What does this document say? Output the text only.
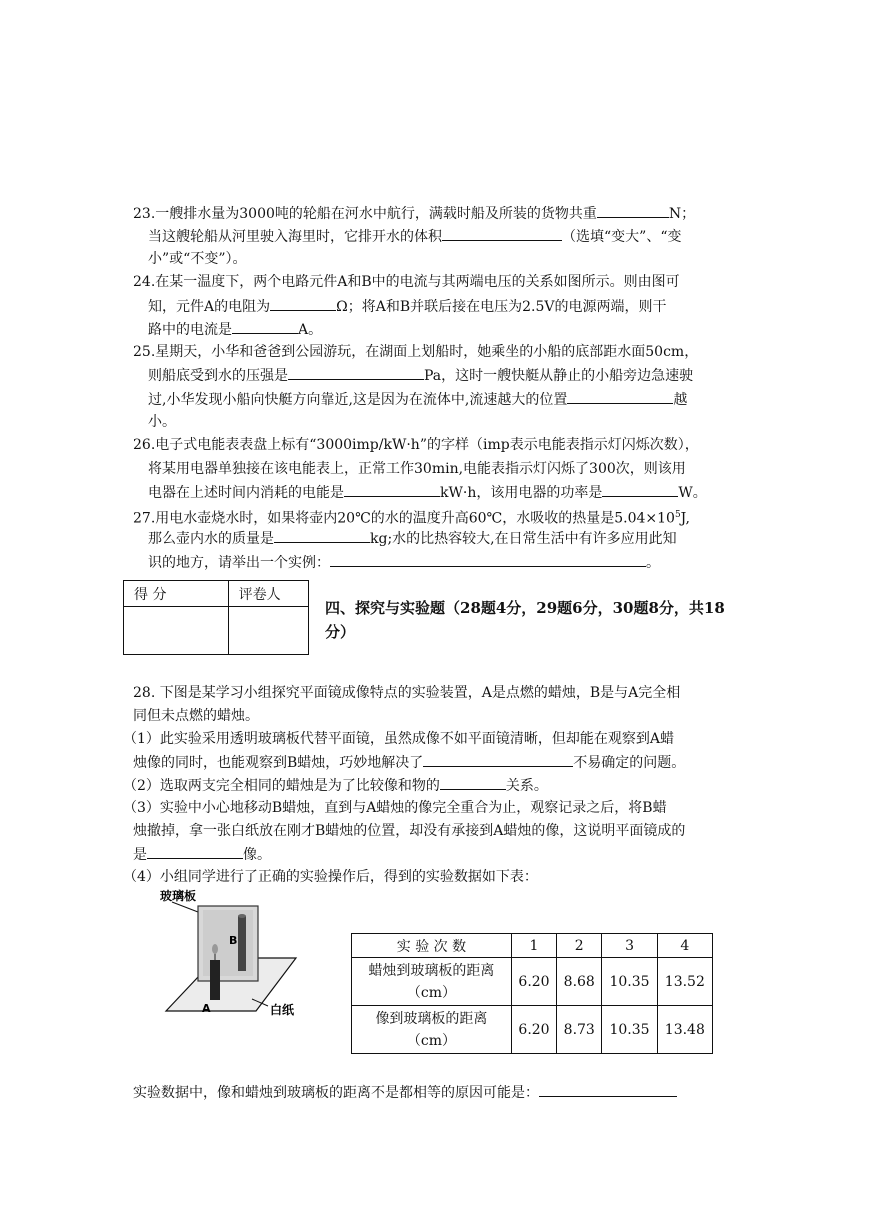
23.一艘排水量为3000吨的轮船在河水中航行，满载时船及所装的货物共重	N；
当这艘轮船从河里驶入海里时，它排开水的体积	（选填“变大”、“变
小”或“不变”）。
24.在某一温度下，两个电路元件A和B中的电流与其两端电压的关系如图所示。则由图可
知，元件A的电阻为	Ω；将A和B并联后接在电压为2.5V的电源两端，则干
路中的电流是	A。
25.星期天，小华和爸爸到公园游玩，在湖面上划船时，她乘坐的小船的底部距水面50cm，
则船底受到水的压强是	Pa，这时一艘快艇从静止的小船旁边急速驶
过,小华发现小船向快艇方向靠近,这是因为在流体中,流速越大的位置	越
小。
26.电子式电能表表盘上标有“3000imp/kW·h”的字样（imp表示电能表指示灯闪烁次数），
将某用电器单独接在该电能表上，正常工作30min,电能表指示灯闪烁了300次，则该用
电器在上述时间内消耗的电能是	kW·h，该用电器的功率是	W。
27.用电水壶烧水时，如果将壶内20℃的水的温度升高60℃，水吸收的热量是$5.04\times 10^5J$,
那么壶内水的质量是	kg;水的比热容较大,在日常生活中有许多应用此知
识的地方，请举出一个实例：	。
得 分	评卷人

四、探究与实验题（28题4分，29题6分，30题8分，共18
分）
28. 下图是某学习小组探究平面镜成像特点的实验装置，A是点燃的蜡烛，B是与A完全相
同但未点燃的蜡烛。
（1）此实验采用透明玻璃板代替平面镜，虽然成像不如平面镜清晰，但却能在观察到A蜡
烛像的同时，也能观察到B蜡烛，巧妙地解决了	不易确定的问题。
（2）选取两支完全相同的蜡烛是为了比较像和物的	关系。
（3）实验中小心地移动B蜡烛，直到与A蜡烛的像完全重合为止，观察记录之后，将B蜡
烛撤掉，拿一张白纸放在刚才B蜡烛的位置，却没有承接到A蜡烛的像，这说明平面镜成的
是	像。
（4）小组同学进行了正确的实验操作后，得到的实验数据如下表：
玻璃板
B
A	白纸
实 验 次 数	1	2	3	4

蜡烛到玻璃板的距离
（cm）	6.20	8.68	10.35	13.52

像到玻璃板的距离
（cm）	6.20	8.73	10.35	13.48
实验数据中，像和蜡烛到玻璃板的距离不是都相等的原因可能是：
